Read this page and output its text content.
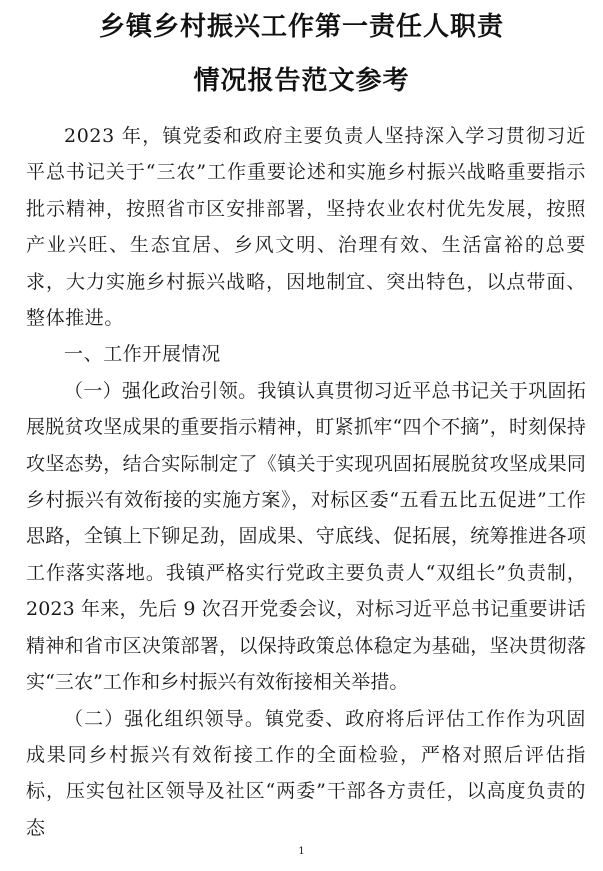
乡镇乡村振兴工作第一责任人职责
情况报告范文参考

2023 年，镇党委和政府主要负责人坚持深入学习贯彻习近平总书记关于“三农”工作重要论述和实施乡村振兴战略重要指示批示精神，按照省市区安排部署，坚持农业农村优先发展，按照产业兴旺、生态宜居、乡风文明、治理有效、生活富裕的总要求，大力实施乡村振兴战略，因地制宜、突出特色，以点带面、整体推进。

一、工作开展情况

（一）强化政治引领。我镇认真贯彻习近平总书记关于巩固拓展脱贫攻坚成果的重要指示精神，盯紧抓牢“四个不摘”，时刻保持攻坚态势，结合实际制定了《镇关于实现巩固拓展脱贫攻坚成果同乡村振兴有效衔接的实施方案》，对标区委“五看五比五促进”工作思路，全镇上下铆足劲，固成果、守底线、促拓展，统筹推进各项工作落实落地。我镇严格实行党政主要负责人“双组长”负责制，2023 年来，先后 9 次召开党委会议，对标习近平总书记重要讲话精神和省市区决策部署，以保持政策总体稳定为基础，坚决贯彻落实“三农”工作和乡村振兴有效衔接相关举措。

（二）强化组织领导。镇党委、政府将后评估工作作为巩固成果同乡村振兴有效衔接工作的全面检验，严格对照后评估指标，压实包社区领导及社区“两委”干部各方责任，以高度负责的态

1
